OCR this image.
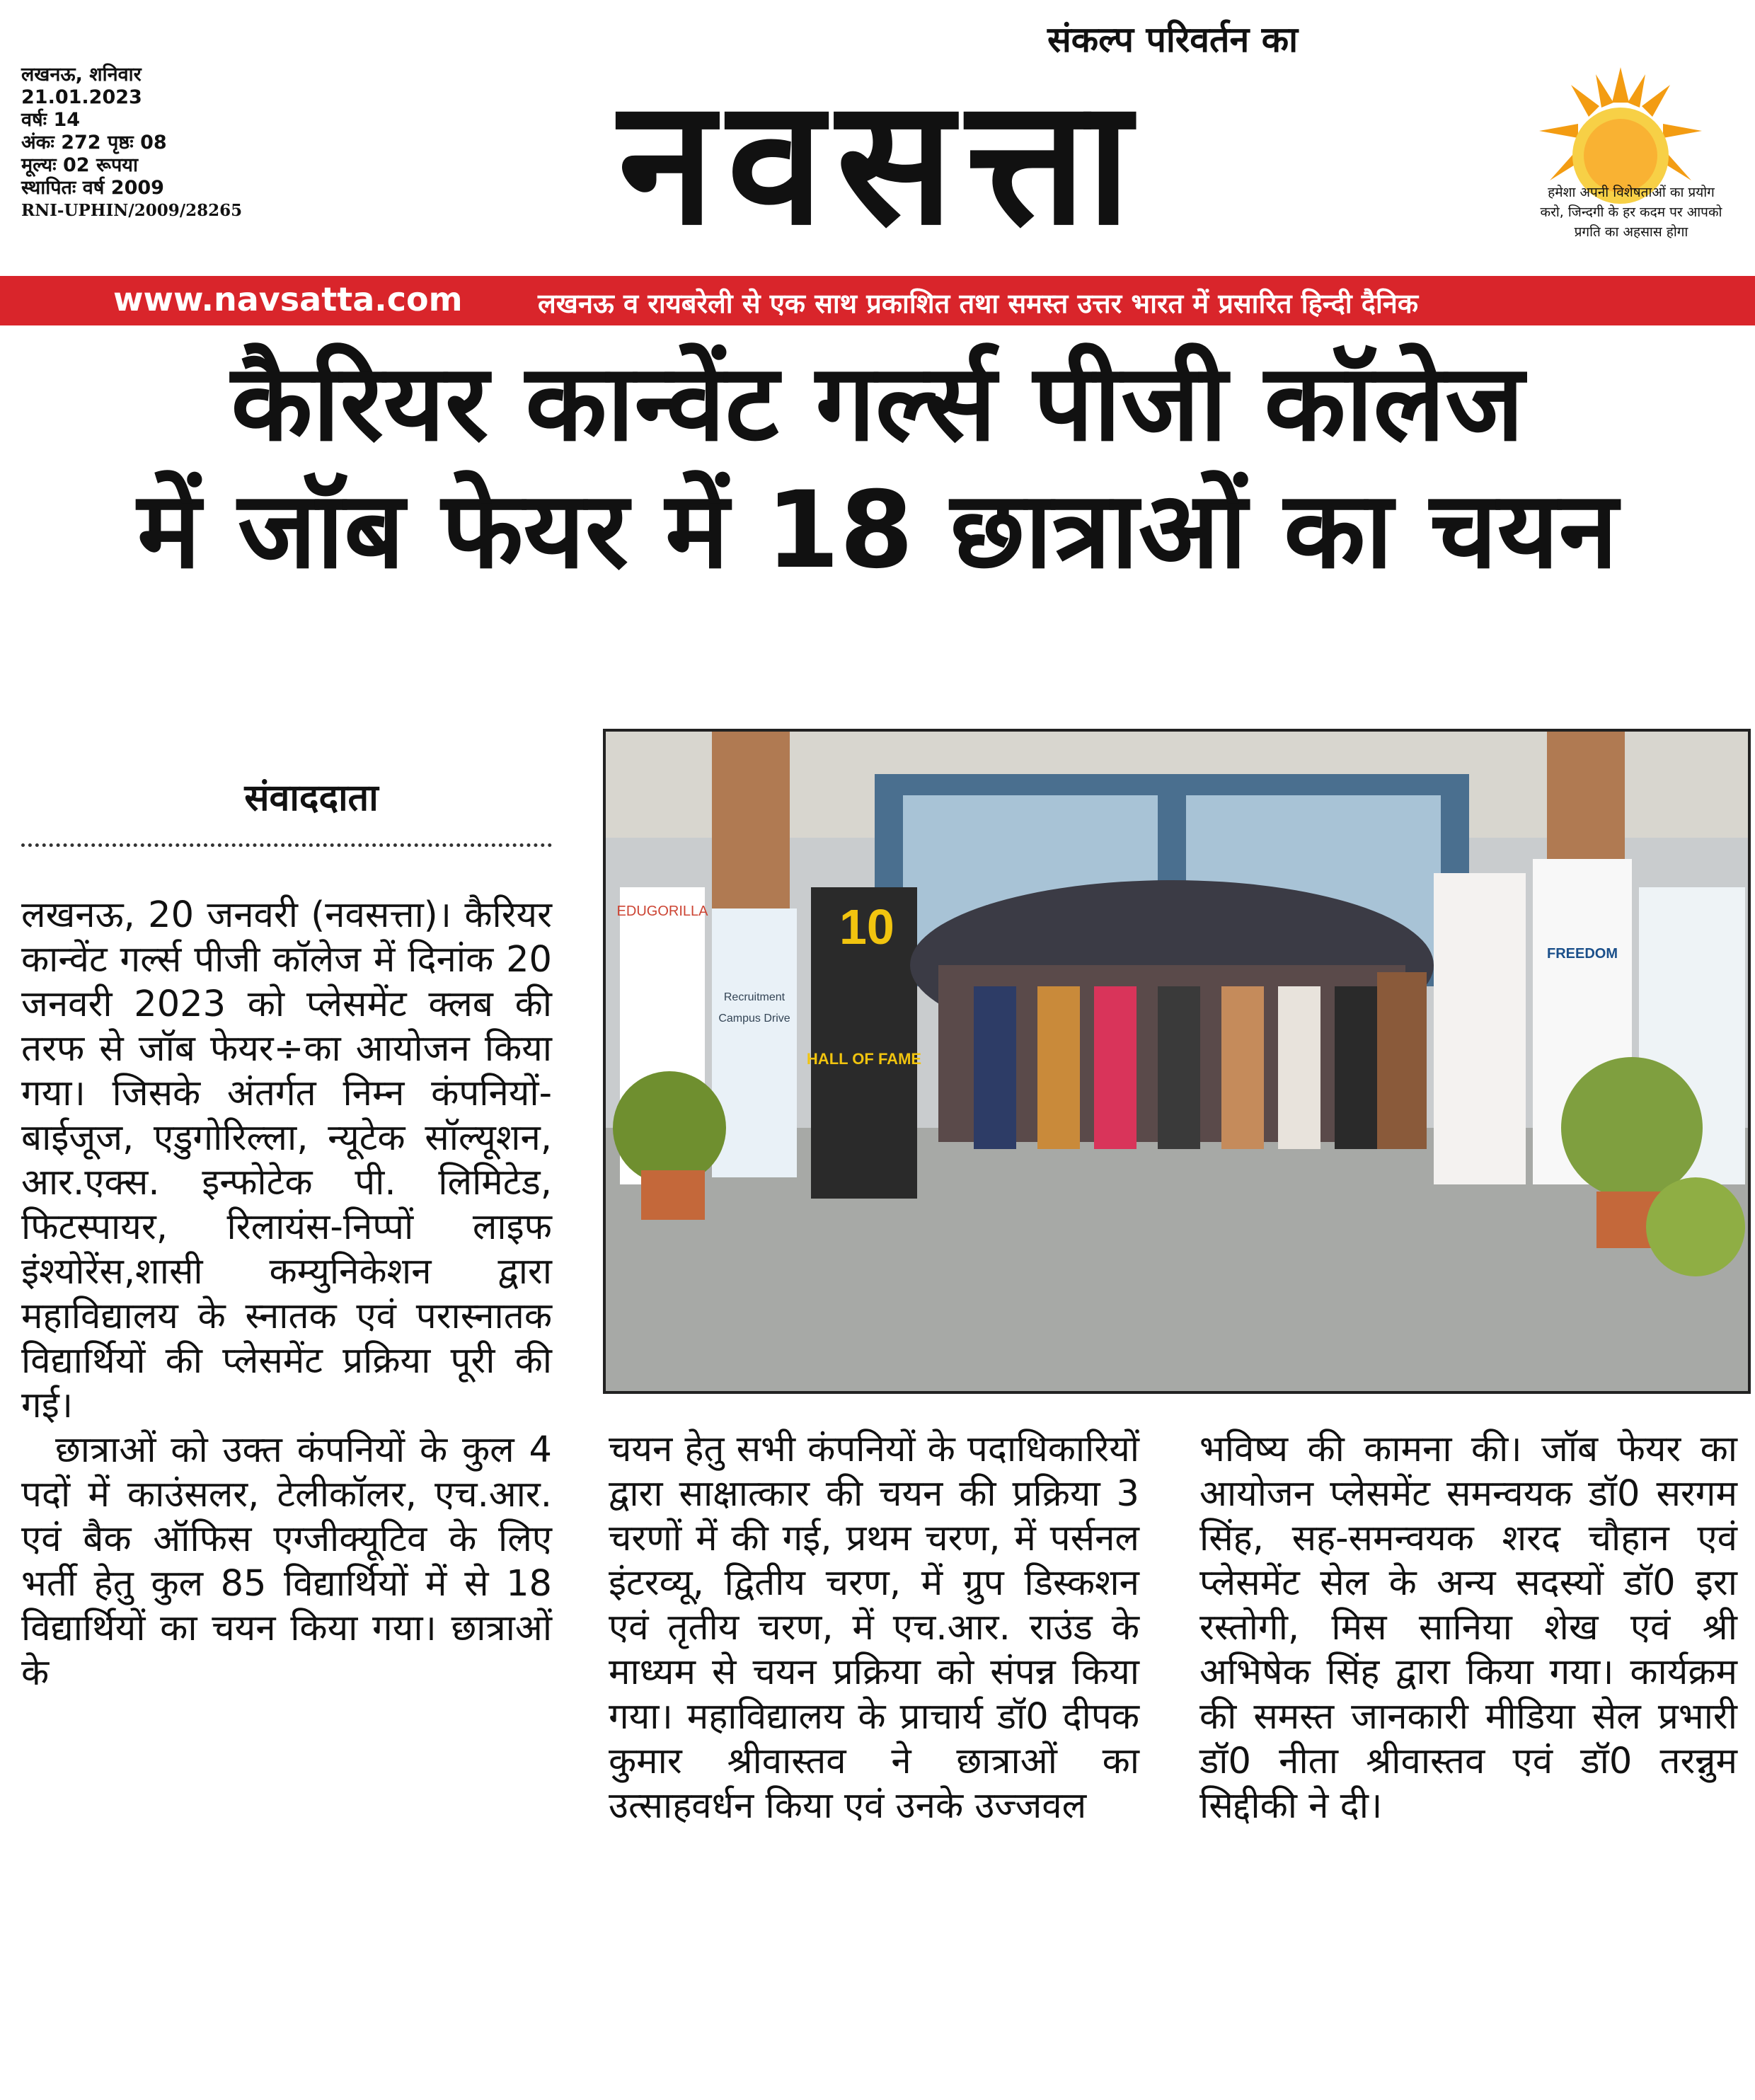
संकल्प परिवर्तन का
लखनऊ, शनिवार
21.01.2023
वर्षः 14
अंकः 272 पृष्ठः 08
मूल्यः 02 रूपया
स्थापितः वर्ष 2009
RNI-UPHIN/2009/28265	नवसत्ता	हमेशा अपनी विशेषताओं का प्रयोग
करो, जिन्दगी के हर कदम पर आपको
प्रगति का अहसास होगा
www.navsatta.com	लखनऊ व रायबरेली से एक साथ प्रकाशित तथा समस्त उत्तर भारत में प्रसारित हिन्दी दैनिक
कैरियर कान्वेंट गर्ल्स पीजी कॉलेज
में जॉब फेयर में 18 छात्राओं का चयन
संवाददाता
EDUGORILLA	10
HALL OF FAME
Recruitment
Campus Drive
FREEDOM

लखनऊ, 20 जनवरी (नवसत्ता)। कैरियर कान्वेंट गर्ल्स पीजी कॉलेज में दिनांक 20 जनवरी 2023 को प्लेसमेंट क्लब की तरफ से जॉब फेयर÷का आयोजन किया गया। जिसके अंतर्गत निम्न कंपनियों- बाईजूज, एडुगोरिल्ला, न्यूटेक सॉल्यूशन, आर.एक्स. इन्फोटेक पी. लिमिटेड, फिटस्पायर, रिलायंस-निप्पों लाइफ इंश्योरेंस,शासी कम्युनिकेशन द्वारा महाविद्यालय के स्नातक एवं परास्नातक विद्यार्थियों की प्लेसमेंट प्रक्रिया पूरी की गई।

छात्राओं को उक्त कंपनियों के कुल 4 पदों में काउंसलर, टेलीकॉलर, एच.आर. एवं बैक ऑफिस एग्जीक्यूटिव के लिए भर्ती हेतु कुल 85 विद्यार्थियों में से 18 विद्यार्थियों का चयन किया गया। छात्राओं के

चयन हेतु सभी कंपनियों के पदाधिकारियों द्वारा साक्षात्कार की चयन की प्रक्रिया 3 चरणों में की गई, प्रथम चरण, में पर्सनल इंटरव्यू, द्वितीय चरण, में ग्रुप डिस्कशन एवं तृतीय चरण, में एच.आर. राउंड के माध्यम से चयन प्रक्रिया को संपन्न किया गया। महाविद्यालय के प्राचार्य डॉ0 दीपक कुमार श्रीवास्तव ने छात्राओं का उत्साहवर्धन किया एवं उनके उज्जवल

भविष्य की कामना की। जॉब फेयर का आयोजन प्लेसमेंट समन्वयक डॉ0 सरगम सिंह, सह-समन्वयक शरद चौहान एवं प्लेसमेंट सेल के अन्य सदस्यों डॉ0 इरा रस्तोगी, मिस सानिया शेख एवं श्री अभिषेक सिंह द्वारा किया गया। कार्यक्रम की समस्त जानकारी मीडिया सेल प्रभारी डॉ0 नीता श्रीवास्तव एवं डॉ0 तरन्नुम सिद्दीकी ने दी।
